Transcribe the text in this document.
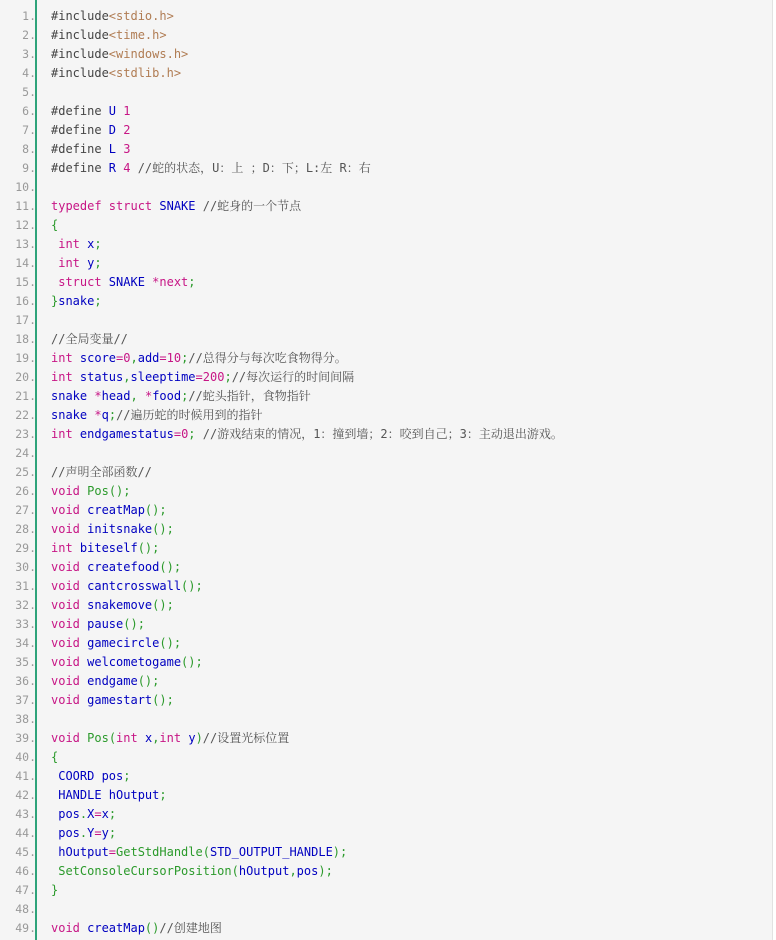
1. #include<stdio.h>
2. #include<time.h>
3. #include<windows.h>
4. #include<stdlib.h>
5.
6. #define U 1
7. #define D 2
8. #define L 3
9. #define R 4 //蛇的状态，U：上 ；D：下；L:左 R：右
10.
11. typedef struct SNAKE //蛇身的一个节点
12. {
13. int x;
14. int y;
15. struct SNAKE *next;
16. }snake;
17.
18. //全局变量//
19. int score=0,add=10;//总得分与每次吃食物得分。
20. int status,sleeptime=200;//每次运行的时间间隔
21. snake *head, *food;//蛇头指针，食物指针
22. snake *q;//遍历蛇的时候用到的指针
23. int endgamestatus=0; //游戏结束的情况，1：撞到墙；2：咬到自己；3：主动退出游戏。
24.
25. //声明全部函数//
26. void Pos();
27. void creatMap();
28. void initsnake();
29. int biteself();
30. void createfood();
31. void cantcrosswall();
32. void snakemove();
33. void pause();
34. void gamecircle();
35. void welcometogame();
36. void endgame();
37. void gamestart();
38.
39. void Pos(int x,int y)//设置光标位置
40. {
41. COORD pos;
42. HANDLE hOutput;
43. pos.X=x;
44. pos.Y=y;
45. hOutput=GetStdHandle(STD_OUTPUT_HANDLE);
46. SetConsoleCursorPosition(hOutput,pos);
47. }
48.
49. void creatMap()//创建地图
